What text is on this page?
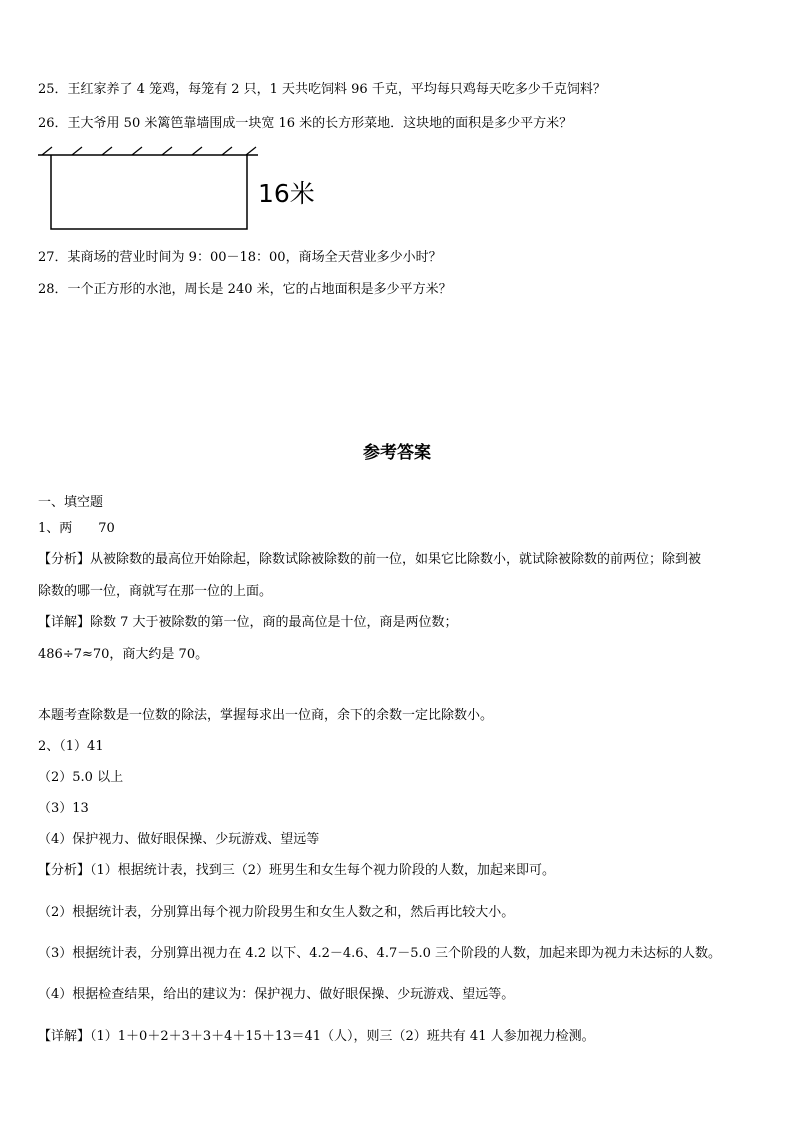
25．王红家养了 4 笼鸡，每笼有 2 只，1 天共吃饲料 96 千克，平均每只鸡每天吃多少千克饲料？
26．王大爷用 50 米篱笆靠墙围成一块宽 16 米的长方形菜地．这块地的面积是多少平方米？
16米
27．某商场的营业时间为 9：00－18：00，商场全天营业多少小时？
28．一个正方形的水池，周长是 240 米，它的占地面积是多少平方米？
参考答案
一、填空题
1、两　　70
【分析】从被除数的最高位开始除起，除数试除被除数的前一位，如果它比除数小，就试除被除数的前两位；除到被
除数的哪一位，商就写在那一位的上面。
【详解】除数 7 大于被除数的第一位，商的最高位是十位，商是两位数；
486÷7≈70，商大约是 70。
本题考查除数是一位数的除法，掌握每求出一位商，余下的余数一定比除数小。
2、（1）41
（2）5.0 以上
（3）13
（4）保护视力、做好眼保操、少玩游戏、望远等
【分析】（1）根据统计表，找到三（2）班男生和女生每个视力阶段的人数，加起来即可。
（2）根据统计表，分别算出每个视力阶段男生和女生人数之和，然后再比较大小。
（3）根据统计表，分别算出视力在 4.2 以下、4.2－4.6、4.7－5.0 三个阶段的人数，加起来即为视力未达标的人数。
（4）根据检查结果，给出的建议为：保护视力、做好眼保操、少玩游戏、望远等。
【详解】（1）1＋0＋2＋3＋3＋4＋15＋13＝41（人），则三（2）班共有 41 人参加视力检测。
